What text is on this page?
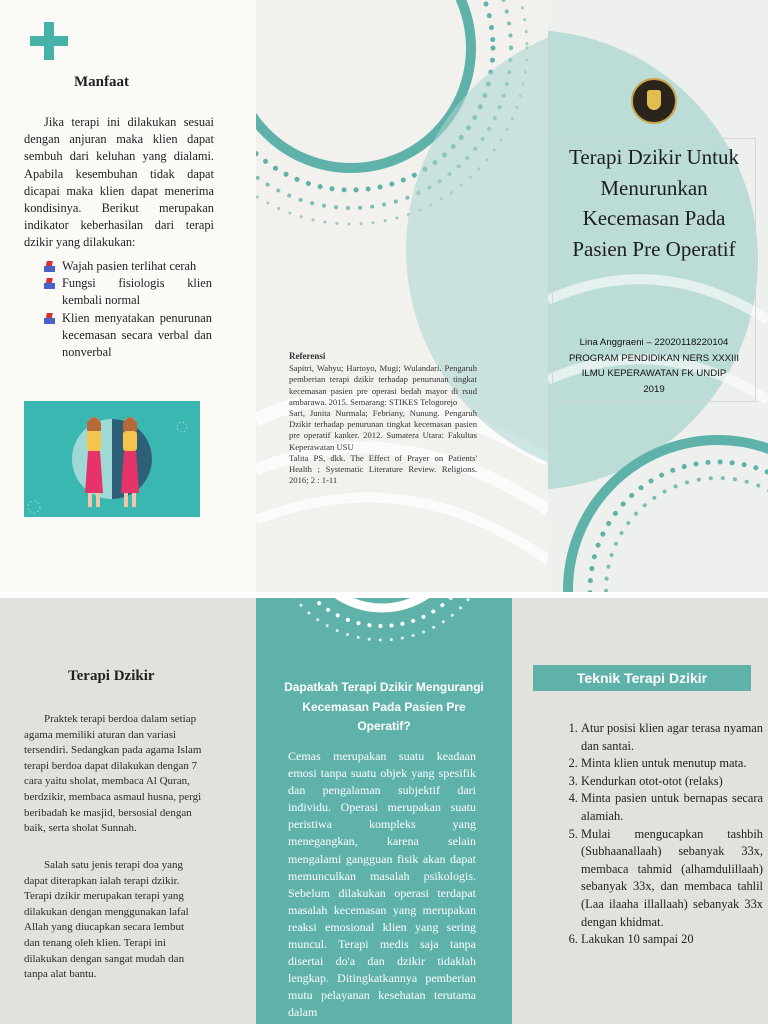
Manfaat

Jika terapi ini dilakukan sesuai dengan anjuran maka klien dapat sembuh dari keluhan yang dialami. Apabila kesembuhan tidak dapat dicapai maka klien dapat menerima kondisinya. Berikut merupakan indikator keberhasilan dari terapi dzikir yang dilakukan:

Wajah pasien terlihat cerah
Fungsi fisiologis klien kembali normal
Klien menyatakan penurunan kecemasan secara verbal dan nonverbal	Referensi
Sapitri, Wahyu; Hartoyo, Mugi; Wulandari. Pengaruh pemberian terapi dzikir terhadap penurunan tingkat kecemasan pasien pre operasi bedah mayor di rsud ambarawa. 2015. Semarang: STIKES Telogorejo
Sari, Junita Nurmala; Febriany, Nunung. Pengaruh Dzikir terhadap penurunan tingkat kecemasan pasien pre operatif kanker. 2012. Sumatera Utara: Fakultas Keperawatan USU
Talita PS, dkk. The Effect of Prayer on Patients' Health ; Systematic Literature Review. Religions. 2016; 2 : 1-11
Terapi Dzikir Untuk Menurunkan Kecemasan Pada Pasien Pre Operatif
Lina Anggraeni – 22020118220104
PROGRAM PENDIDIKAN NERS XXXIII
ILMU KEPERAWATAN FK UNDIP
2019
Terapi Dzikir

Praktek terapi berdoa dalam setiap agama memiliki aturan dan variasi tersendiri. Sedangkan pada agama Islam terapi berdoa dapat dilakukan dengan 7 cara yaitu sholat, membaca Al Quran, berdzikir, membaca asmaul husna, pergi beribadah ke masjid, bersosial dengan baik, serta sholat Sunnah.

Salah satu jenis terapi doa yang dapat diterapkan ialah terapi dzikir. Terapi dzikir merupakan terapi yang dilakukan dengan menggunakan lafal Allah yang diucapkan secara lembut dan tenang oleh klien. Terapi ini dilakukan dengan sangat mudah dan tanpa alat bantu.

Dapatkah Terapi Dzikir Mengurangi Kecemasan Pada Pasien Pre Operatif?

Cemas merupakan suatu keadaan emosi tanpa suatu objek yang spesifik dan pengalaman subjektif dari individu. Operasi merupakan suatu peristiwa kompleks yang menegangkan, karena selain mengalami gangguan fisik akan dapat memunculkan masalah psikologis. Sebelum dilakukan operasi terdapat masalah kecemasan yang merupakan reaksi emosional klien yang sering muncul. Terapi medis saja tanpa disertai do'a dan dzikir tidaklah lengkap. Ditingkatkannya pemberian mutu pelayanan kesehatan terutama dalam

Teknik Terapi Dzikir
1. Atur posisi klien agar terasa nyaman dan santai.
2. Minta klien untuk menutup mata.
3. Kendurkan otot-otot (relaks)
4. Minta pasien untuk bernapas secara alamiah.
5. Mulai mengucapkan tashbih (Subhaanallaah) sebanyak 33x, membaca tahmid (alhamdulillaah) sebanyak 33x, dan membaca tahlil (Laa ilaaha illallaah) sebanyak 33x dengan khidmat.
6. Lakukan 10 sampai 20
